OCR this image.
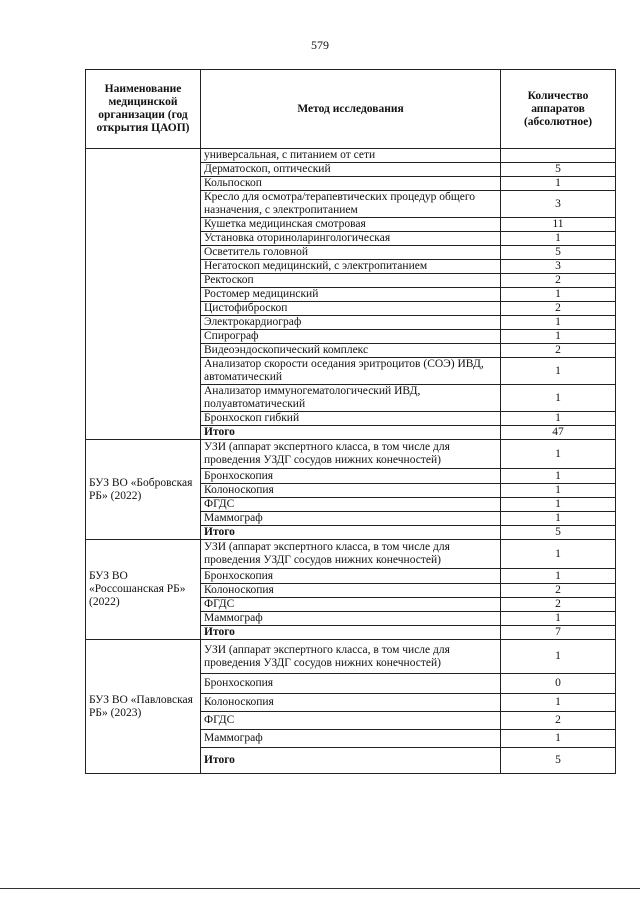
579
Наименование медицинской организации (год открытия ЦАОП)	Метод исследования	Количество аппаратов (абсолютное)
	универсальная, с питанием от сети	
	Дерматоскоп, оптический	5
	Кольпоскоп	1
	Кресло для осмотра/терапевтических процедур общего назначения, с электропитанием	3
	Кушетка медицинская смотровая	11
	Установка оториноларингологическая	1
	Осветитель головной	5
	Негатоскоп медицинский, с электропитанием	3
	Ректоскоп	2
	Ростомер медицинский	1
	Цистофиброскоп	2
	Электрокардиограф	1
	Спирограф	1
	Видеоэндоскопический комплекс	2
	Анализатор скорости оседания эритроцитов (СОЭ) ИВД, автоматический	1
	Анализатор иммуногематологический ИВД, полуавтоматический	1
	Бронхоскоп гибкий	1
	Итого	47
БУЗ ВО «Бобровская РБ» (2022)	УЗИ (аппарат экспертного класса, в том числе для проведения УЗДГ сосудов нижних конечностей)	1
	Бронхоскопия	1
	Колоноскопия	1
	ФГДС	1
	Маммограф	1
	Итого	5
БУЗ ВО «Россошанская РБ» (2022)	УЗИ (аппарат экспертного класса, в том числе для проведения УЗДГ сосудов нижних конечностей)	1
	Бронхоскопия	1
	Колоноскопия	2
	ФГДС	2
	Маммограф	1
	Итого	7
БУЗ ВО «Павловская РБ» (2023)	УЗИ (аппарат экспертного класса, в том числе для проведения УЗДГ сосудов нижних конечностей)	1
	Бронхоскопия	0
	Колоноскопия	1
	ФГДС	2
	Маммограф	1
	Итого	5
